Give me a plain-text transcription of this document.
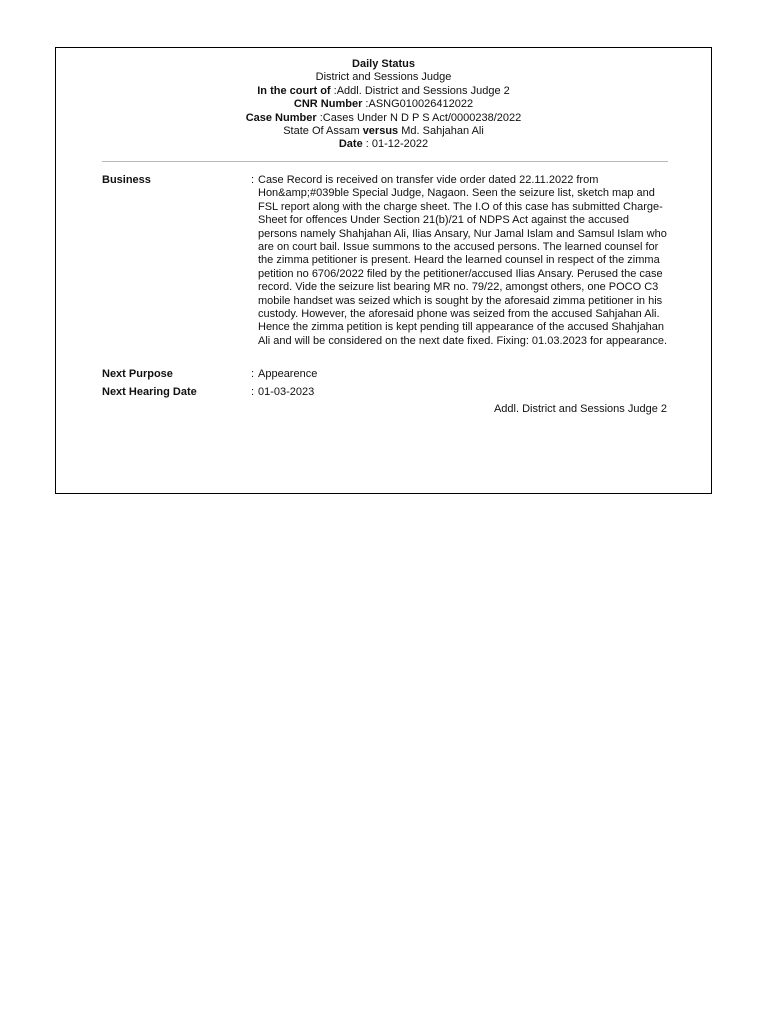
Daily Status
District and Sessions Judge
In the court of :Addl. District and Sessions Judge 2
CNR Number :ASNG010026412022
Case Number :Cases Under N D P S Act/0000238/2022
State Of Assam versus Md. Sahjahan Ali
Date : 01-12-2022
Business	: Case Record is received on transfer vide order dated 22.11.2022 from Hon&amp;#039ble Special Judge, Nagaon. Seen the seizure list, sketch map and FSL report along with the charge sheet. The I.O of this case has submitted Charge-Sheet for offences Under Section 21(b)/21 of NDPS Act against the accused persons namely Shahjahan Ali, Ilias Ansary, Nur Jamal Islam and Samsul Islam who are on court bail. Issue summons to the accused persons. The learned counsel for the zimma petitioner is present. Heard the learned counsel in respect of the zimma petition no 6706/2022 filed by the petitioner/accused Ilias Ansary. Perused the case record. Vide the seizure list bearing MR no. 79/22, amongst others, one POCO C3 mobile handset was seized which is sought by the aforesaid zimma petitioner in his custody. However, the aforesaid phone was seized from the accused Sahjahan Ali. Hence the zimma petition is kept pending till appearance of the accused Shahjahan Ali and will be considered on the next date fixed. Fixing: 01.03.2023 for appearance.
Next Purpose	: Appearence
Next Hearing Date	: 01-03-2023
Addl. District and Sessions Judge 2
